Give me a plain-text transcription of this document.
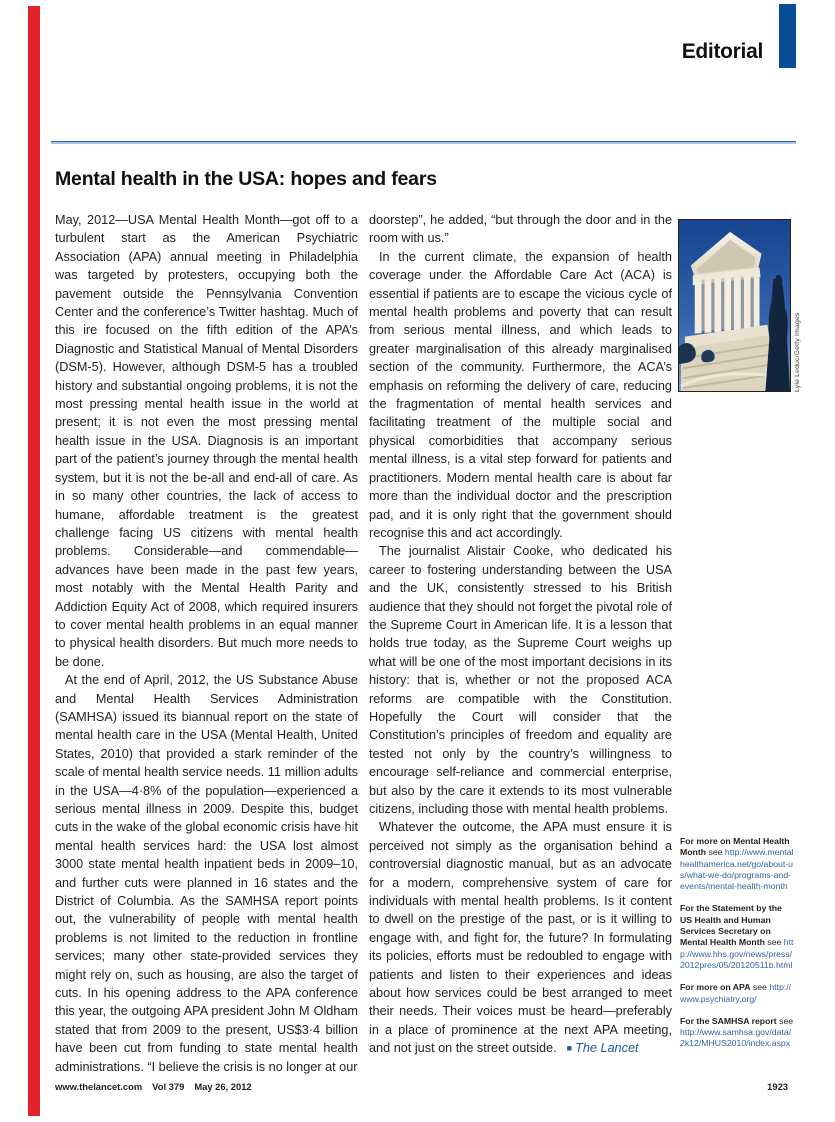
Editorial
Mental health in the USA: hopes and fears

May, 2012—USA Mental Health Month—got off to a turbulent start as the American Psychiatric Association (APA) annual meeting in Philadelphia was targeted by protesters, occupying both the pavement outside the Pennsylvania Convention Center and the conference’s Twitter hashtag. Much of this ire focused on the fifth edition of the APA’s Diagnostic and Statistical Manual of Mental Disorders (DSM-5). However, although DSM-5 has a troubled history and substantial ongoing problems, it is not the most pressing mental health issue in the world at present; it is not even the most pressing mental health issue in the USA. Diagnosis is an important part of the patient’s journey through the mental health system, but it is not the be-all and end-all of care. As in so many other countries, the lack of access to humane, affordable treatment is the greatest challenge facing US citizens with mental health problems. Considerable—and commendable—advances have been made in the past few years, most notably with the Mental Health Parity and Addiction Equity Act of 2008, which required insurers to cover mental health problems in an equal manner to physical health disorders. But much more needs to be done.

At the end of April, 2012, the US Substance Abuse and Mental Health Services Administration (SAMHSA) issued its biannual report on the state of mental health care in the USA (Mental Health, United States, 2010) that provided a stark reminder of the scale of mental health service needs. 11 million adults in the USA—4·8% of the population—experienced a serious mental illness in 2009. Despite this, budget cuts in the wake of the global economic crisis have hit mental health services hard: the USA lost almost 3000 state mental health inpatient beds in 2009–10, and further cuts were planned in 16 states and the District of Columbia. As the SAMHSA report points out, the vulnerability of people with mental health problems is not limited to the reduction in frontline services; many other state-provided services they might rely on, such as housing, are also the target of cuts. In his opening address to the APA conference this year, the outgoing APA president John M Oldham stated that from 2009 to the present, US$3·4 billion have been cut from funding to state mental health administrations. “I believe the crisis is no longer at our

doorstep”, he added, “but through the door and in the room with us.”

In the current climate, the expansion of health coverage under the Affordable Care Act (ACA) is essential if patients are to escape the vicious cycle of mental health problems and poverty that can result from serious mental illness, and which leads to greater marginalisation of this already marginalised section of the community. Furthermore, the ACA’s emphasis on reforming the delivery of care, reducing the fragmentation of mental health services and facilitating treatment of the multiple social and physical comorbidities that accompany serious mental illness, is a vital step forward for patients and practitioners. Modern mental health care is about far more than the individual doctor and the prescription pad, and it is only right that the government should recognise this and act accordingly.

The journalist Alistair Cooke, who dedicated his career to fostering understanding between the USA and the UK, consistently stressed to his British audience that they should not forget the pivotal role of the Supreme Court in American life. It is a lesson that holds true today, as the Supreme Court weighs up what will be one of the most important decisions in its history: that is, whether or not the proposed ACA reforms are compatible with the Constitution. Hopefully the Court will consider that the Constitution’s principles of freedom and equality are tested not only by the country’s willingness to encourage self-reliance and commercial enterprise, but also by the care it extends to its most vulnerable citizens, including those with mental health problems.

Whatever the outcome, the APA must ensure it is perceived not simply as the organisation behind a controversial diagnostic manual, but as an advocate for a modern, comprehensive system of care for individuals with mental health problems. Is it content to dwell on the prestige of the past, or is it willing to engage with, and fight for, the future? In formulating its policies, efforts must be redoubled to engage with patients and listen to their experiences and ideas about how services could be best arranged to meet their needs. Their voices must be heard—preferably in a place of prominence at the next APA meeting, and not just on the street outside. ■ The Lancet

Lyle Leduc/Getty Images
For more on Mental Health Month see http://www.mentalhealthamerica.net/go/about-us/what-we-do/programs-and-events/mental-health-month
For the Statement by the US Health and Human Services Secretary on Mental Health Month see http://www.hhs.gov/news/press/2012pres/05/20120511b.html
For more on APA see http://www.psychiatry.org/
For the SAMHSA report see http://www.samhsa.gov/data/2k12/MHUS2010/index.aspx
www.thelancet.com Vol 379 May 26, 2012	1923
